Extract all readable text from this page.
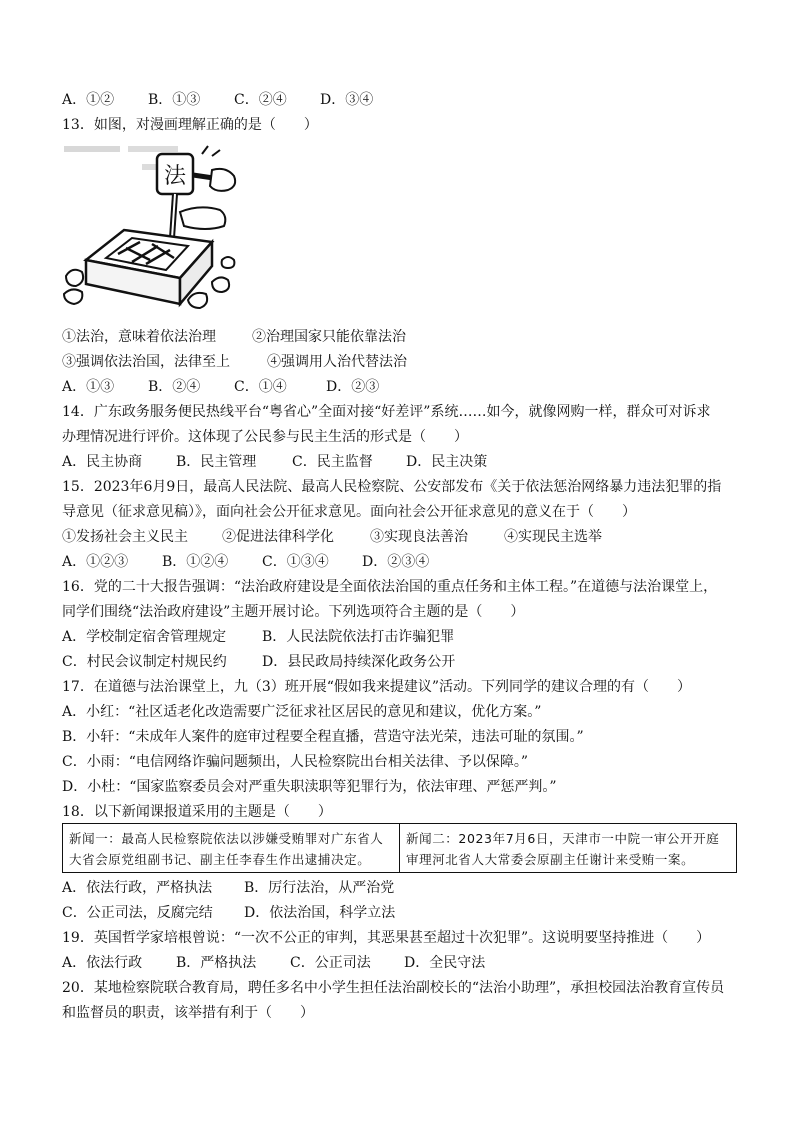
A．①② B．①③ C．②④ D．③④
13．如图，对漫画理解正确的是（　　）
法
①法治，意味着依法治理	②治理国家只能依靠法治
③强调依法治国，法律至上	④强调用人治代替法治
A．①③ B．②④ C．①④	D．②③
14．广东政务服务便民热线平台“粤省心”全面对接“好差评”系统……如今，就像网购一样，群众可对诉求
办理情况进行评价。这体现了公民参与民主生活的形式是（　　）
A．民主协商 B．民主管理	C．民主监督 D．民主决策
15．2023年6月9日，最高人民法院、最高人民检察院、公安部发布《关于依法惩治网络暴力违法犯罪的指
导意见（征求意见稿）》，面向社会公开征求意见。面向社会公开征求意见的意义在于（　　）
①发扬社会主义民主 ②促进法律科学化	③实现良法善治	④实现民主选举
A．①②③ B．①②④ C．①③④ D．②③④
16．党的二十大报告强调：“法治政府建设是全面依法治国的重点任务和主体工程。”在道德与法治课堂上，
同学们围绕“法治政府建设”主题开展讨论。下列选项符合主题的是（　　）
A．学校制定宿舍管理规定	B．人民法院依法打击诈骗犯罪
C．村民会议制定村规民约	D．县民政局持续深化政务公开
17．在道德与法治课堂上，九（3）班开展“假如我来提建议”活动。下列同学的建议合理的有（　　）
A．小红：“社区适老化改造需要广泛征求社区居民的意见和建议，优化方案。”
B．小轩：“未成年人案件的庭审过程要全程直播，营造守法光荣，违法可耻的氛围。”
C．小雨：“电信网络诈骗问题频出，人民检察院出台相关法律、予以保障。”
D．小杜：“国家监察委员会对严重失职渎职等犯罪行为，依法审理、严惩严判。”
18．以下新闻课报道采用的主题是（　　）
新闻一：最高人民检察院依法以涉嫌受贿罪对广东省人大省会原党组副书记、副主任李春生作出逮捕决定。
新闻二：2023年7月6日，天津市一中院一审公开开庭审理河北省人大常委会原副主任谢计来受贿一案。
A．依法行政，严格执法 B．厉行法治，从严治党
C．公正司法，反腐完结 D．依法治国，科学立法
19．英国哲学家培根曾说：“一次不公正的审判，其恶果甚至超过十次犯罪”。这说明要坚持推进（　　）
A．依法行政 B．严格执法 C．公正司法 D．全民守法
20．某地检察院联合教育局，聘任多名中小学生担任法治副校长的“法治小助理”，承担校园法治教育宣传员
和监督员的职责，该举措有利于（　　）
